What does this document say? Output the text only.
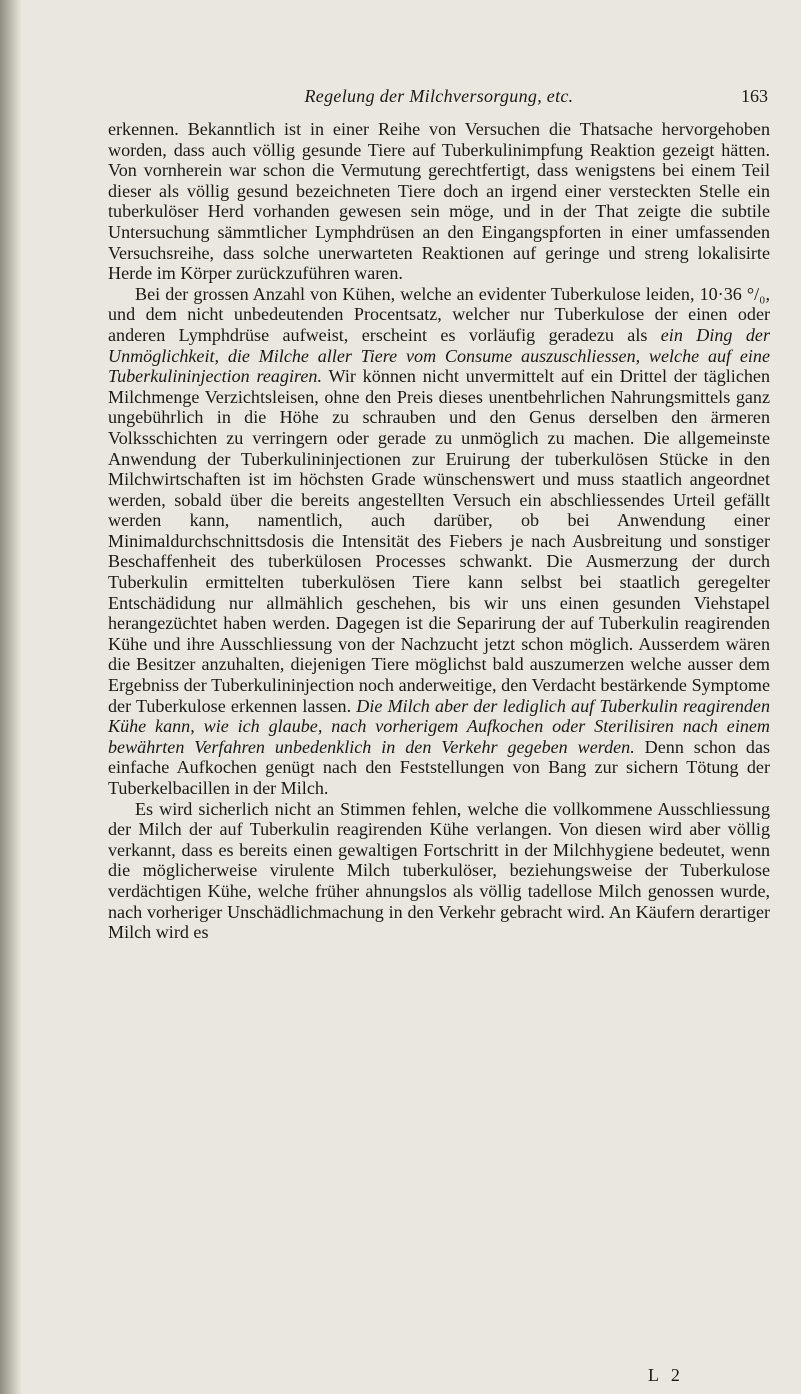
Regelung der Milchversorgung, etc.	163

erkennen. Bekanntlich ist in einer Reihe von Versuchen die Thatsache hervorgehoben worden, dass auch völlig gesunde Tiere auf Tuberkulinimpfung Reaktion gezeigt hätten. Von vornherein war schon die Vermutung gerechtfertigt, dass wenigstens bei einem Teil dieser als völlig gesund bezeichneten Tiere doch an irgend einer versteckten Stelle ein tuberkulöser Herd vorhanden gewesen sein möge, und in der That zeigte die subtile Untersuchung sämmtlicher Lymphdrüsen an den Eingangspforten in einer umfassenden Versuchsreihe, dass solche unerwarteten Reaktionen auf geringe und streng lokalisirte Herde im Körper zurückzuführen waren.

Bei der grossen Anzahl von Kühen, welche an evidenter Tuberkulose leiden, 10·36 °/₀, und dem nicht unbedeutenden Procentsatz, welcher nur Tuberkulose der einen oder anderen Lymphdrüse aufweist, erscheint es vorläufig geradezu als ein Ding der Unmöglichkeit, die Milche aller Tiere vom Consume auszuschliessen, welche auf eine Tuberkulininjection reagiren. Wir können nicht unvermittelt auf ein Drittel der täglichen Milchmenge Verzichtsleisen, ohne den Preis dieses unentbehrlichen Nahrungsmittels ganz ungebührlich in die Höhe zu schrauben und den Genus derselben den ärmeren Volksschichten zu verringern oder gerade zu unmöglich zu machen. Die allgemeinste Anwendung der Tuberkulininjectionen zur Eruirung der tuberkulösen Stücke in den Milchwirtschaften ist im höchsten Grade wünschenswert und muss staatlich angeordnet werden, sobald über die bereits angestellten Versuch ein abschliessendes Urteil gefällt werden kann, namentlich, auch darüber, ob bei Anwendung einer Minimaldurchschnittsdosis die Intensität des Fiebers je nach Ausbreitung und sonstiger Beschaffenheit des tuberkülosen Processes schwankt. Die Ausmerzung der durch Tuberkulin ermittelten tuberkulösen Tiere kann selbst bei staatlich geregelter Entschädidung nur allmählich geschehen, bis wir uns einen gesunden Viehstapel herangezüchtet haben werden. Dagegen ist die Separirung der auf Tuberkulin reagirenden Kühe und ihre Ausschliessung von der Nachzucht jetzt schon möglich. Ausserdem wären die Besitzer anzuhalten, diejenigen Tiere möglichst bald auszumerzen welche ausser dem Ergebniss der Tuberkulininjection noch anderweitige, den Verdacht bestärkende Symptome der Tuberkulose erkennen lassen. Die Milch aber der lediglich auf Tuberkulin reagirenden Kühe kann, wie ich glaube, nach vorherigem Aufkochen oder Sterilisiren nach einem bewährten Verfahren unbedenklich in den Verkehr gegeben werden. Denn schon das einfache Aufkochen genügt nach den Feststellungen von Bang zur sichern Tötung der Tuberkelbacillen in der Milch.

Es wird sicherlich nicht an Stimmen fehlen, welche die vollkommene Ausschliessung der Milch der auf Tuberkulin reagirenden Kühe verlangen. Von diesen wird aber völlig verkannt, dass es bereits einen gewaltigen Fortschritt in der Milchhygiene bedeutet, wenn die möglicherweise virulente Milch tuberkulöser, beziehungsweise der Tuberkulose verdächtigen Kühe, welche früher ahnungslos als völlig tadellose Milch genossen wurde, nach vorheriger Unschädlichmachung in den Verkehr gebracht wird. An Käufern derartiger Milch wird es

L 2
